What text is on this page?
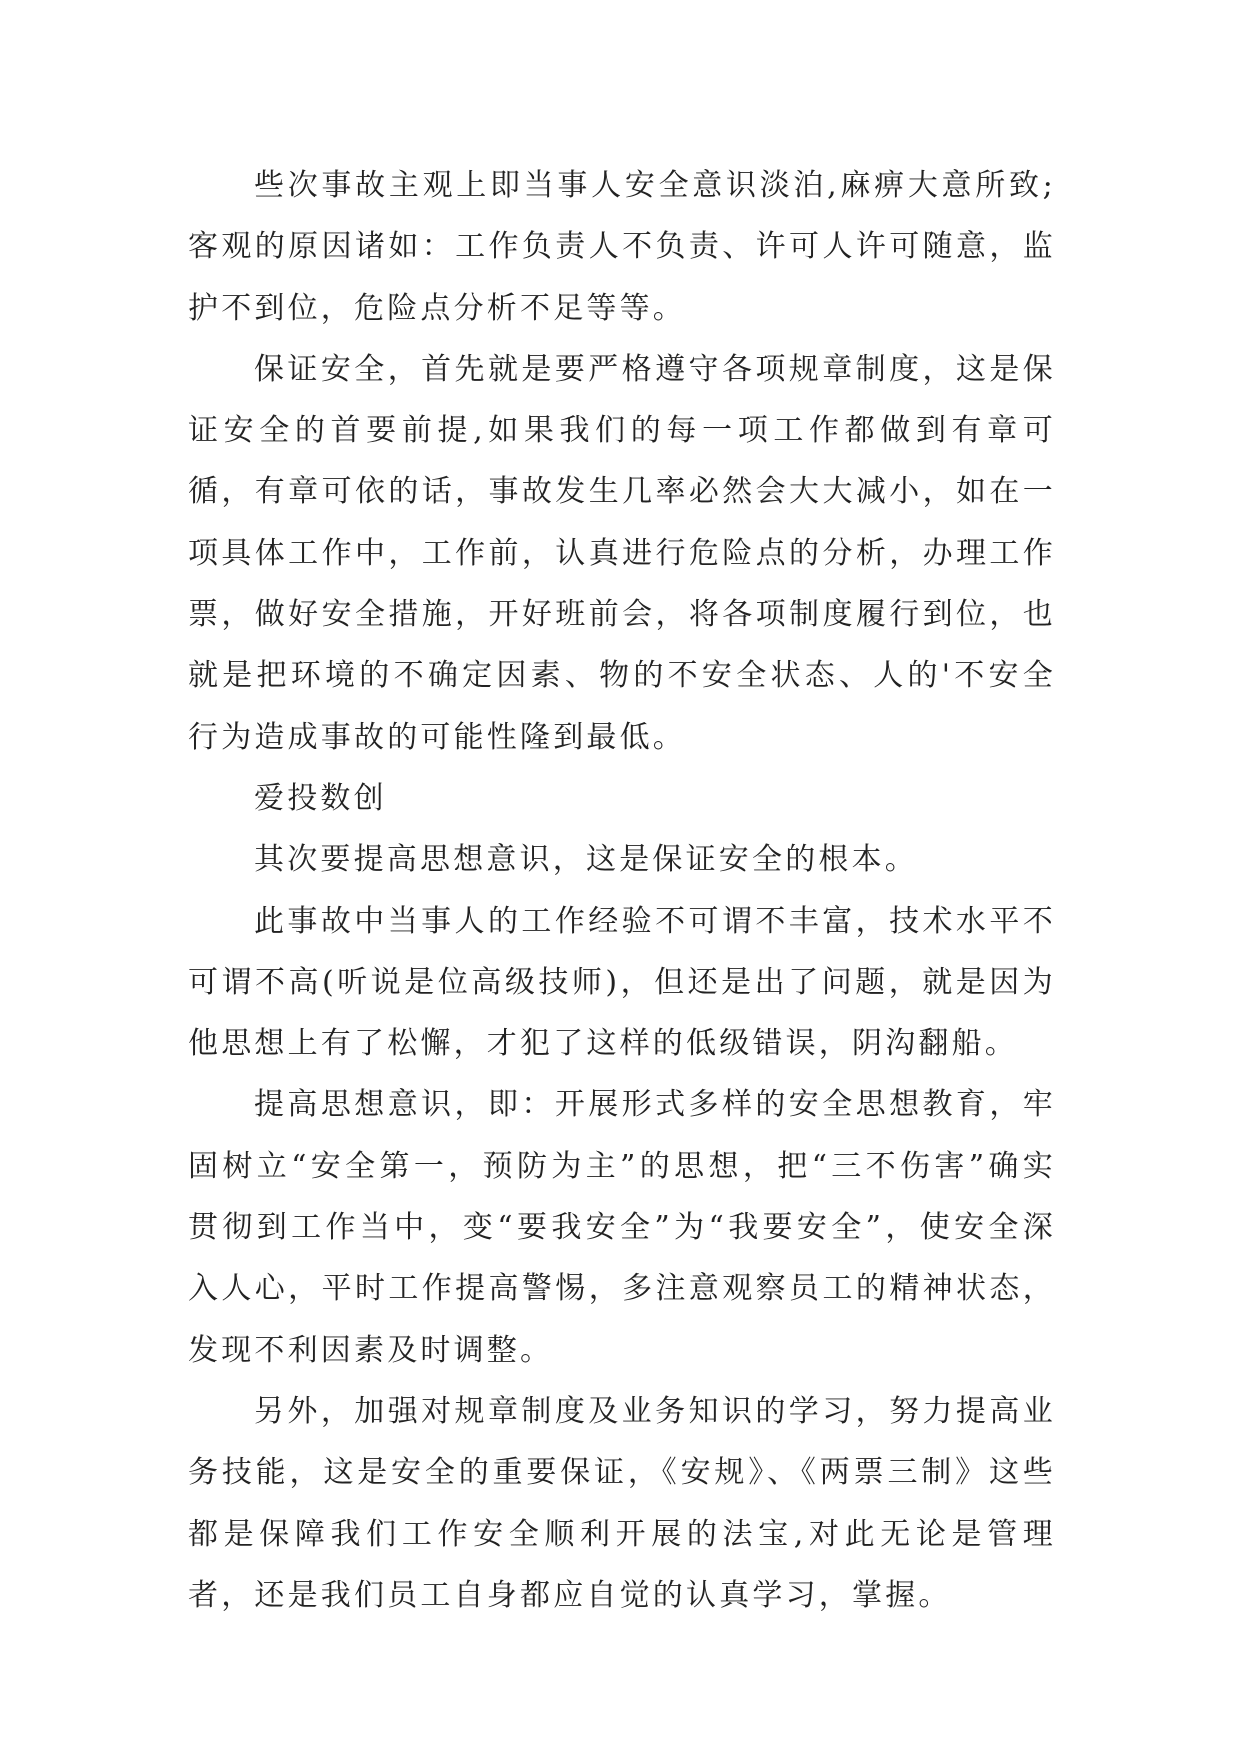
些次事故主观上即当事人安全意识淡泊,麻痹大意所致;客观的原因诸如：工作负责人不负责、许可人许可随意，监护不到位，危险点分析不足等等。

保证安全，首先就是要严格遵守各项规章制度，这是保证安全的首要前提,如果我们的每一项工作都做到有章可循，有章可依的话，事故发生几率必然会大大减小，如在一项具体工作中，工作前，认真进行危险点的分析，办理工作票，做好安全措施，开好班前会，将各项制度履行到位，也就是把环境的不确定因素、物的不安全状态、人的'不安全行为造成事故的可能性隆到最低。

爱投数创

其次要提高思想意识，这是保证安全的根本。

此事故中当事人的工作经验不可谓不丰富，技术水平不可谓不高(听说是位高级技师)，但还是出了问题，就是因为他思想上有了松懈，才犯了这样的低级错误，阴沟翻船。

提高思想意识，即：开展形式多样的安全思想教育，牢固树立“安全第一，预防为主”的思想，把“三不伤害”确实贯彻到工作当中，变“要我安全”为“我要安全”，使安全深入人心，平时工作提高警惕，多注意观察员工的精神状态，发现不利因素及时调整。

另外，加强对规章制度及业务知识的学习，努力提高业务技能，这是安全的重要保证，《安规》、《两票三制》这些都是保障我们工作安全顺利开展的法宝,对此无论是管理者，还是我们员工自身都应自觉的认真学习，掌握。
